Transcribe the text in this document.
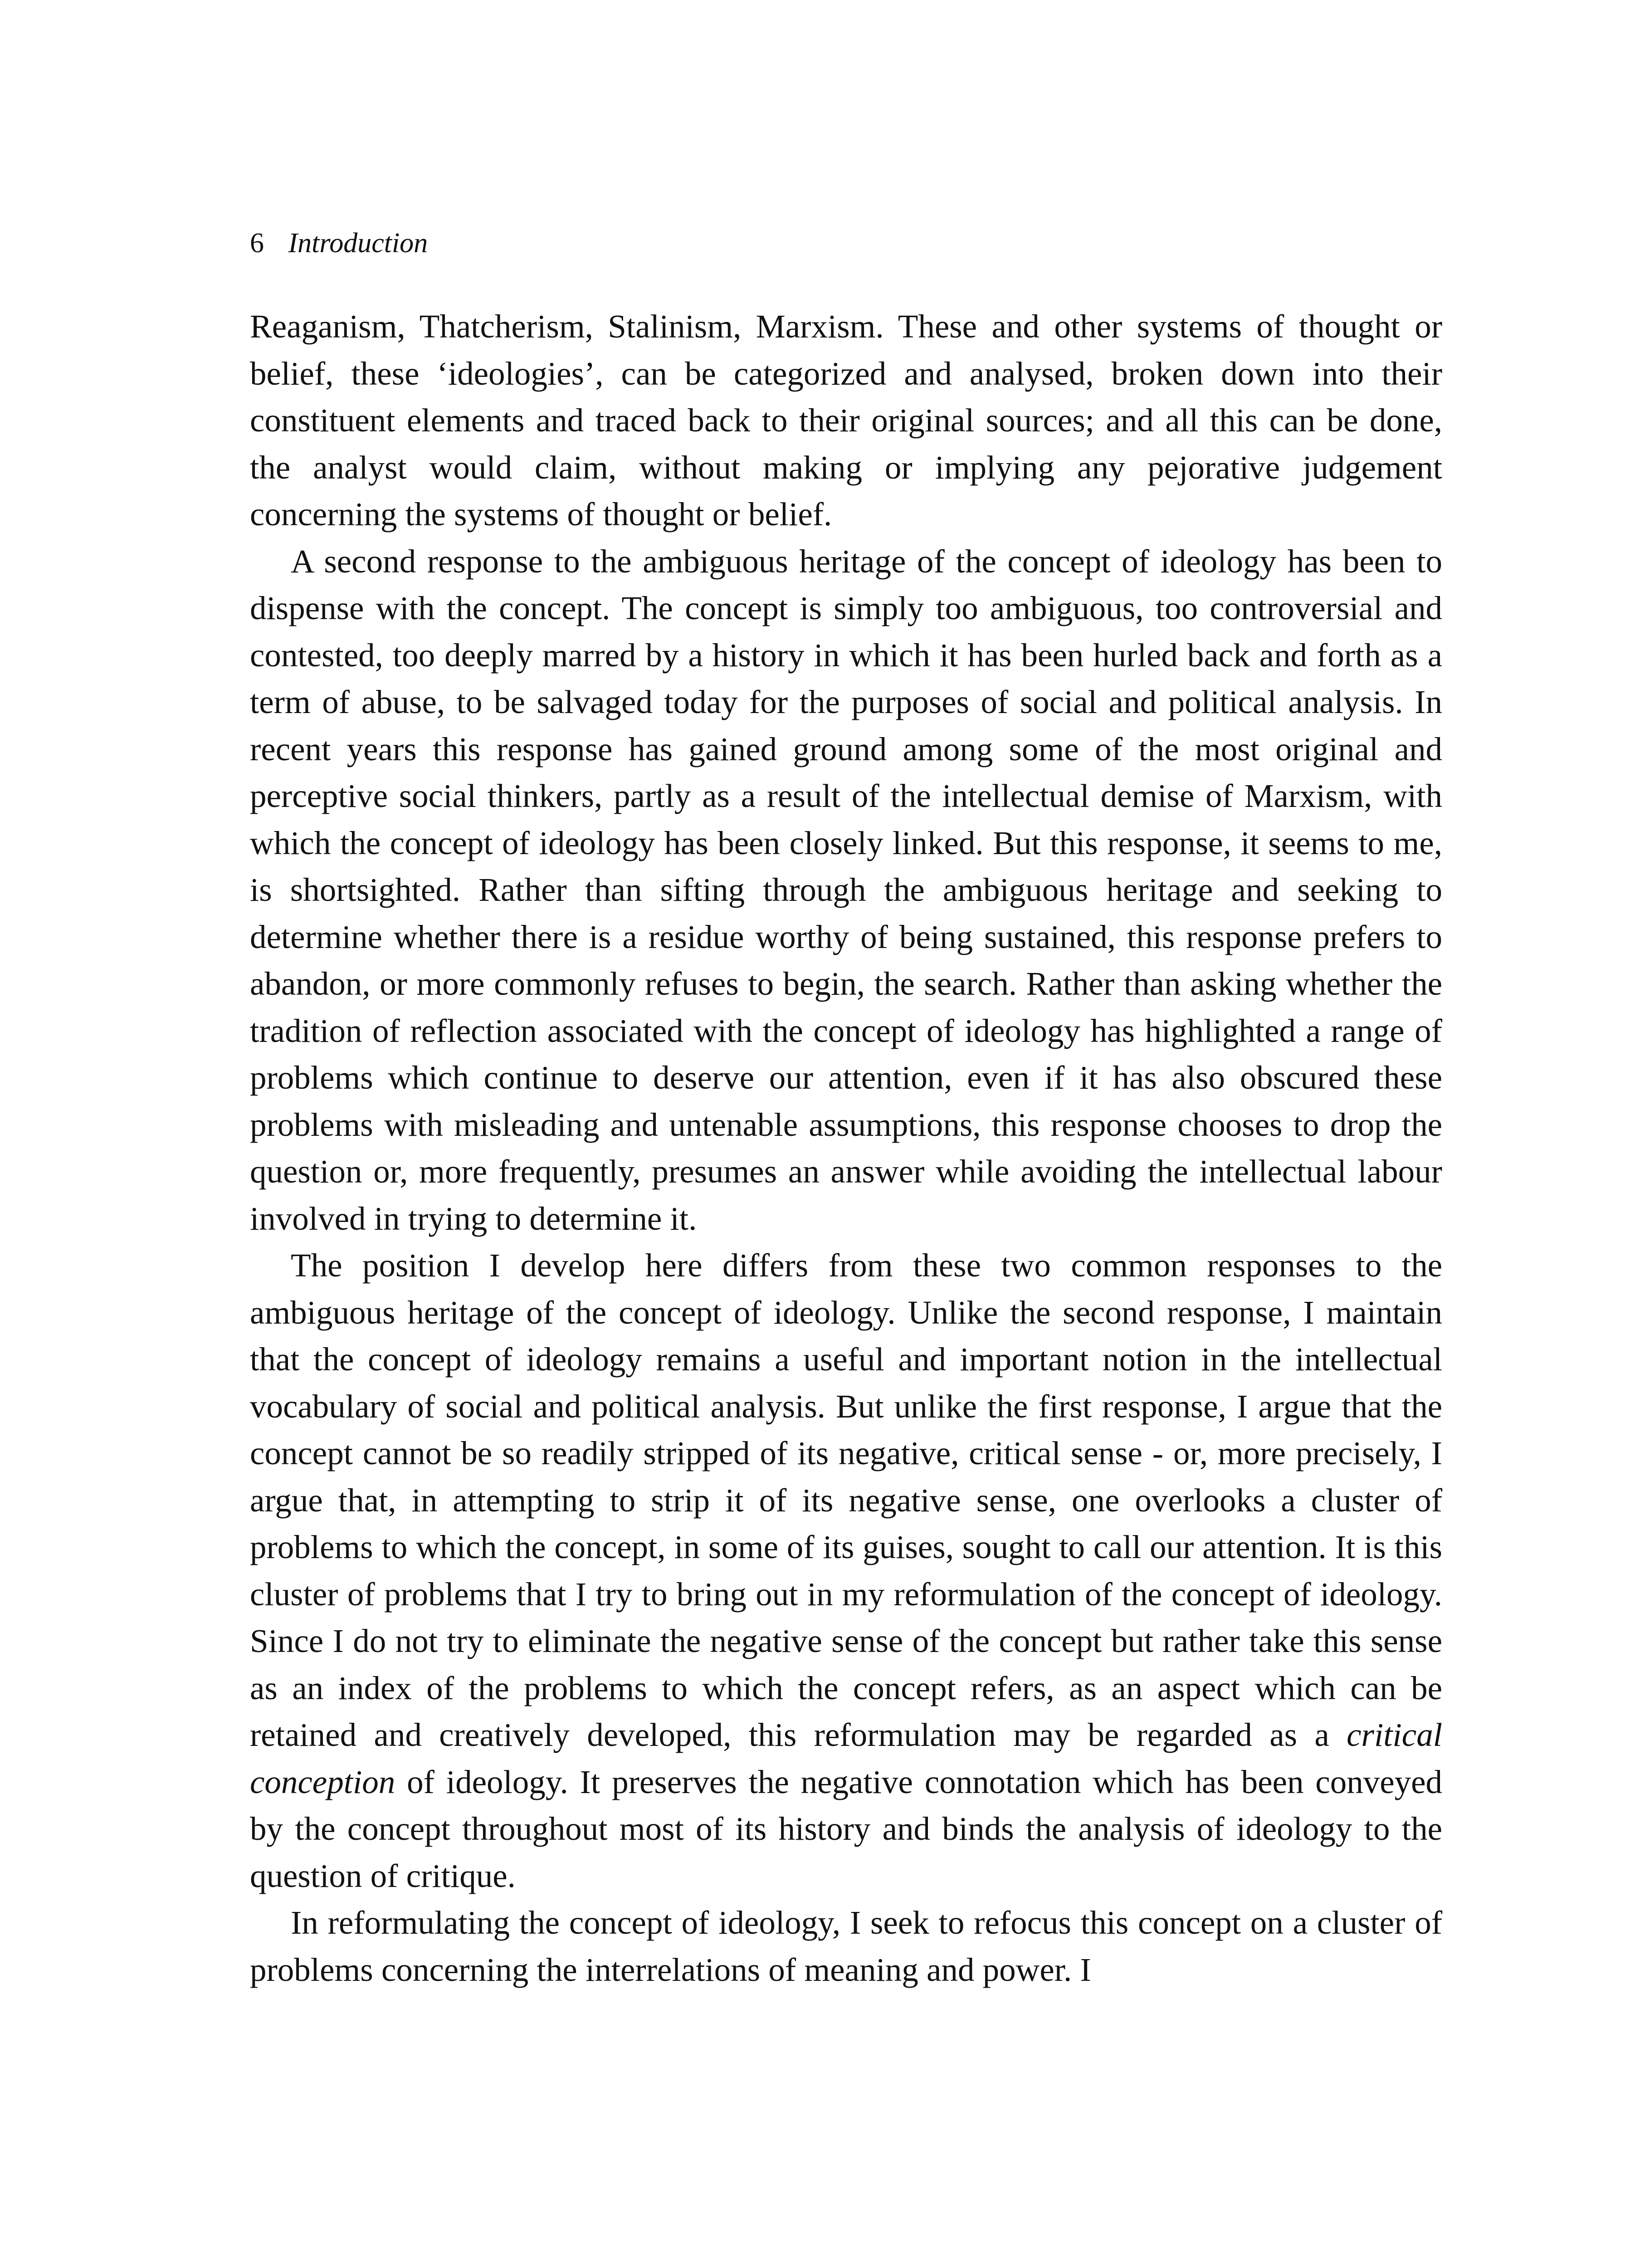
6 Introduction

Reaganism, Thatcherism, Stalinism, Marxism. These and other systems of thought or belief, these ‘ideologies’, can be categorized and analysed, broken down into their constituent elements and traced back to their original sources; and all this can be done, the analyst would claim, without making or implying any pejorative judgement concerning the systems of thought or belief.

A second response to the ambiguous heritage of the concept of ideology has been to dispense with the concept. The concept is simply too ambiguous, too controversial and contested, too deeply marred by a history in which it has been hurled back and forth as a term of abuse, to be salvaged today for the purposes of social and political analysis. In recent years this response has gained ground among some of the most original and perceptive social thinkers, partly as a result of the intellectual demise of Marxism, with which the concept of ideology has been closely linked. But this response, it seems to me, is shortsighted. Rather than sifting through the ambiguous heritage and seeking to determine whether there is a residue worthy of being sustained, this response prefers to abandon, or more commonly refuses to begin, the search. Rather than asking whether the tradition of reflection associated with the concept of ideology has highlighted a range of problems which continue to deserve our attention, even if it has also obscured these problems with misleading and untenable assumptions, this response chooses to drop the question or, more frequently, presumes an answer while avoiding the intellectual labour involved in trying to determine it.

The position I develop here differs from these two common responses to the ambiguous heritage of the concept of ideology. Unlike the second response, I maintain that the concept of ideology remains a useful and important notion in the intellectual vocabulary of social and political analysis. But unlike the first response, I argue that the concept cannot be so readily stripped of its negative, critical sense - or, more precisely, I argue that, in attempting to strip it of its negative sense, one overlooks a cluster of problems to which the concept, in some of its guises, sought to call our attention. It is this cluster of problems that I try to bring out in my reformulation of the concept of ideology. Since I do not try to eliminate the negative sense of the concept but rather take this sense as an index of the problems to which the concept refers, as an aspect which can be retained and creatively developed, this reformulation may be regarded as a critical conception of ideology. It preserves the negative connotation which has been conveyed by the concept throughout most of its history and binds the analysis of ideology to the question of critique.

In reformulating the concept of ideology, I seek to refocus this concept on a cluster of problems concerning the interrelations of meaning and power. I
